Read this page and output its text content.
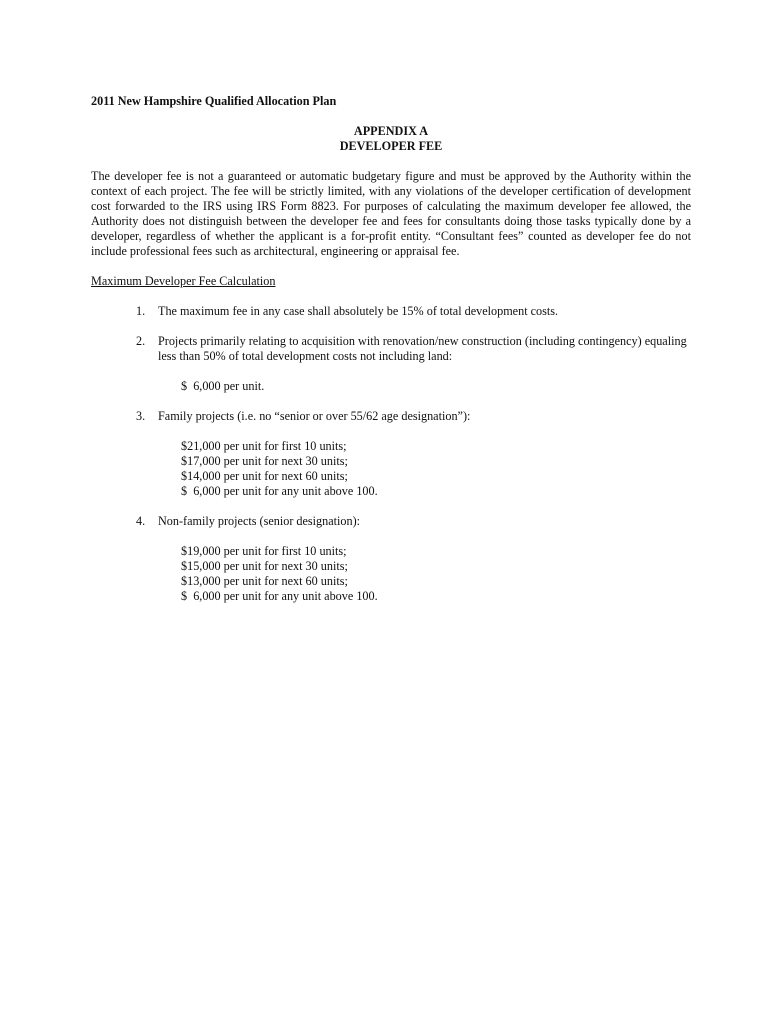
2011 New Hampshire Qualified Allocation Plan
APPENDIX A
DEVELOPER FEE
The developer fee is not a guaranteed or automatic budgetary figure and must be approved by the Authority within the context of each project. The fee will be strictly limited, with any violations of the developer certification of development cost forwarded to the IRS using IRS Form 8823. For purposes of calculating the maximum developer fee allowed, the Authority does not distinguish between the developer fee and fees for consultants doing those tasks typically done by a developer, regardless of whether the applicant is a for-profit entity. “Consultant fees” counted as developer fee do not include professional fees such as architectural, engineering or appraisal fee.
Maximum Developer Fee Calculation
1. The maximum fee in any case shall absolutely be 15% of total development costs.
2. Projects primarily relating to acquisition with renovation/new construction (including contingency) equaling less than 50% of total development costs not including land:
$  6,000 per unit.
3. Family projects (i.e. no “senior or over 55/62 age designation”):
$21,000 per unit for first 10 units;
$17,000 per unit for next 30 units;
$14,000 per unit for next 60 units;
$  6,000 per unit for any unit above 100.
4. Non-family projects (senior designation):
$19,000 per unit for first 10 units;
$15,000 per unit for next 30 units;
$13,000 per unit for next 60 units;
$  6,000 per unit for any unit above 100.
